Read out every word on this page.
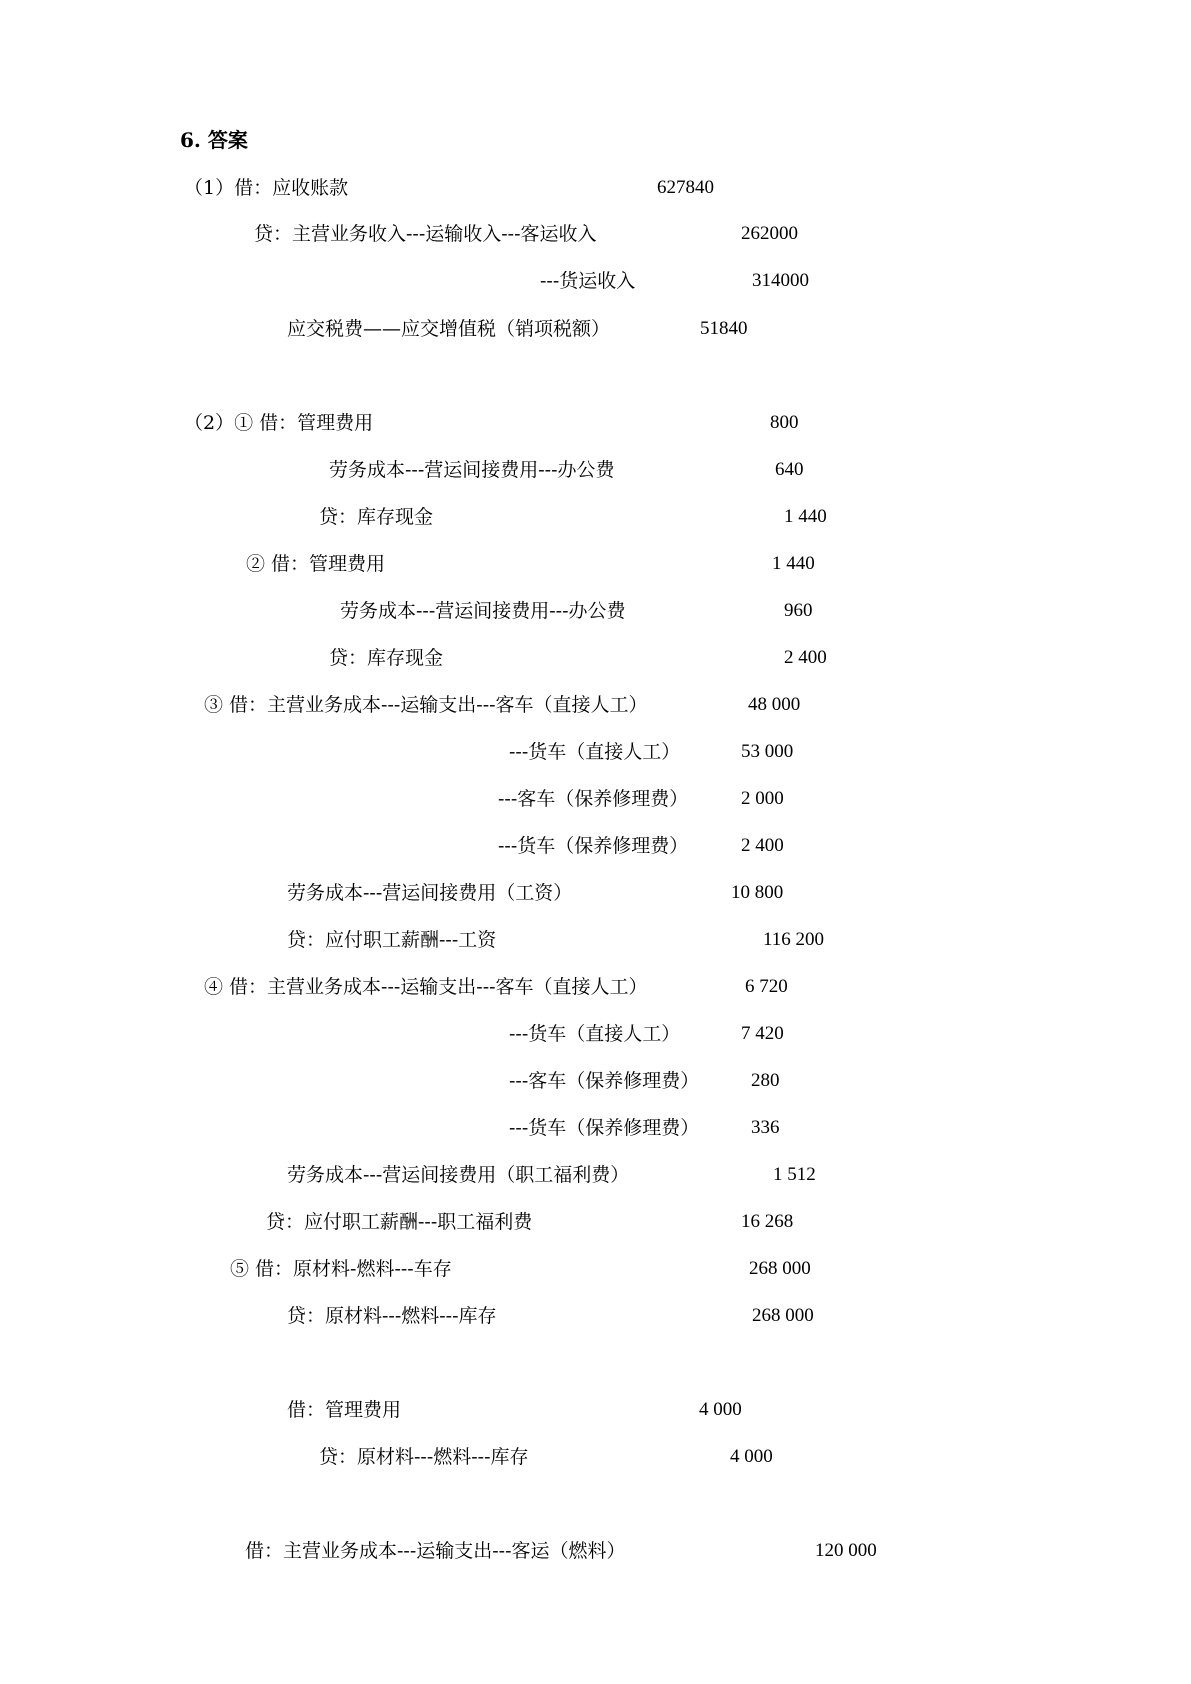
6. 答案
（1）借：应收账款	627840
贷：主营业务收入---运输收入---客运收入	262000
---货运收入	314000
应交税费——应交增值税（销项税额）	51840
（2）① 借：管理费用	800
劳务成本---营运间接费用---办公费	640
贷：库存现金	1 440
② 借：管理费用	1 440
劳务成本---营运间接费用---办公费	960
贷：库存现金	2 400
③ 借：主营业务成本---运输支出---客车（直接人工）	48 000
---货车（直接人工）	53 000
---客车（保养修理费）	2 000
---货车（保养修理费）	2 400
劳务成本---营运间接费用（工资）	10 800
贷：应付职工薪酬---工资	116 200
④ 借：主营业务成本---运输支出---客车（直接人工）	6 720
---货车（直接人工）	7 420
---客车（保养修理费）	280
---货车（保养修理费）	336
劳务成本---营运间接费用（职工福利费）	1 512
贷：应付职工薪酬---职工福利费	16 268
⑤ 借：原材料-燃料---车存	268 000
贷：原材料---燃料---库存	268 000
借：管理费用	4 000
贷：原材料---燃料---库存	4 000
借：主营业务成本---运输支出---客运（燃料）	120 000
